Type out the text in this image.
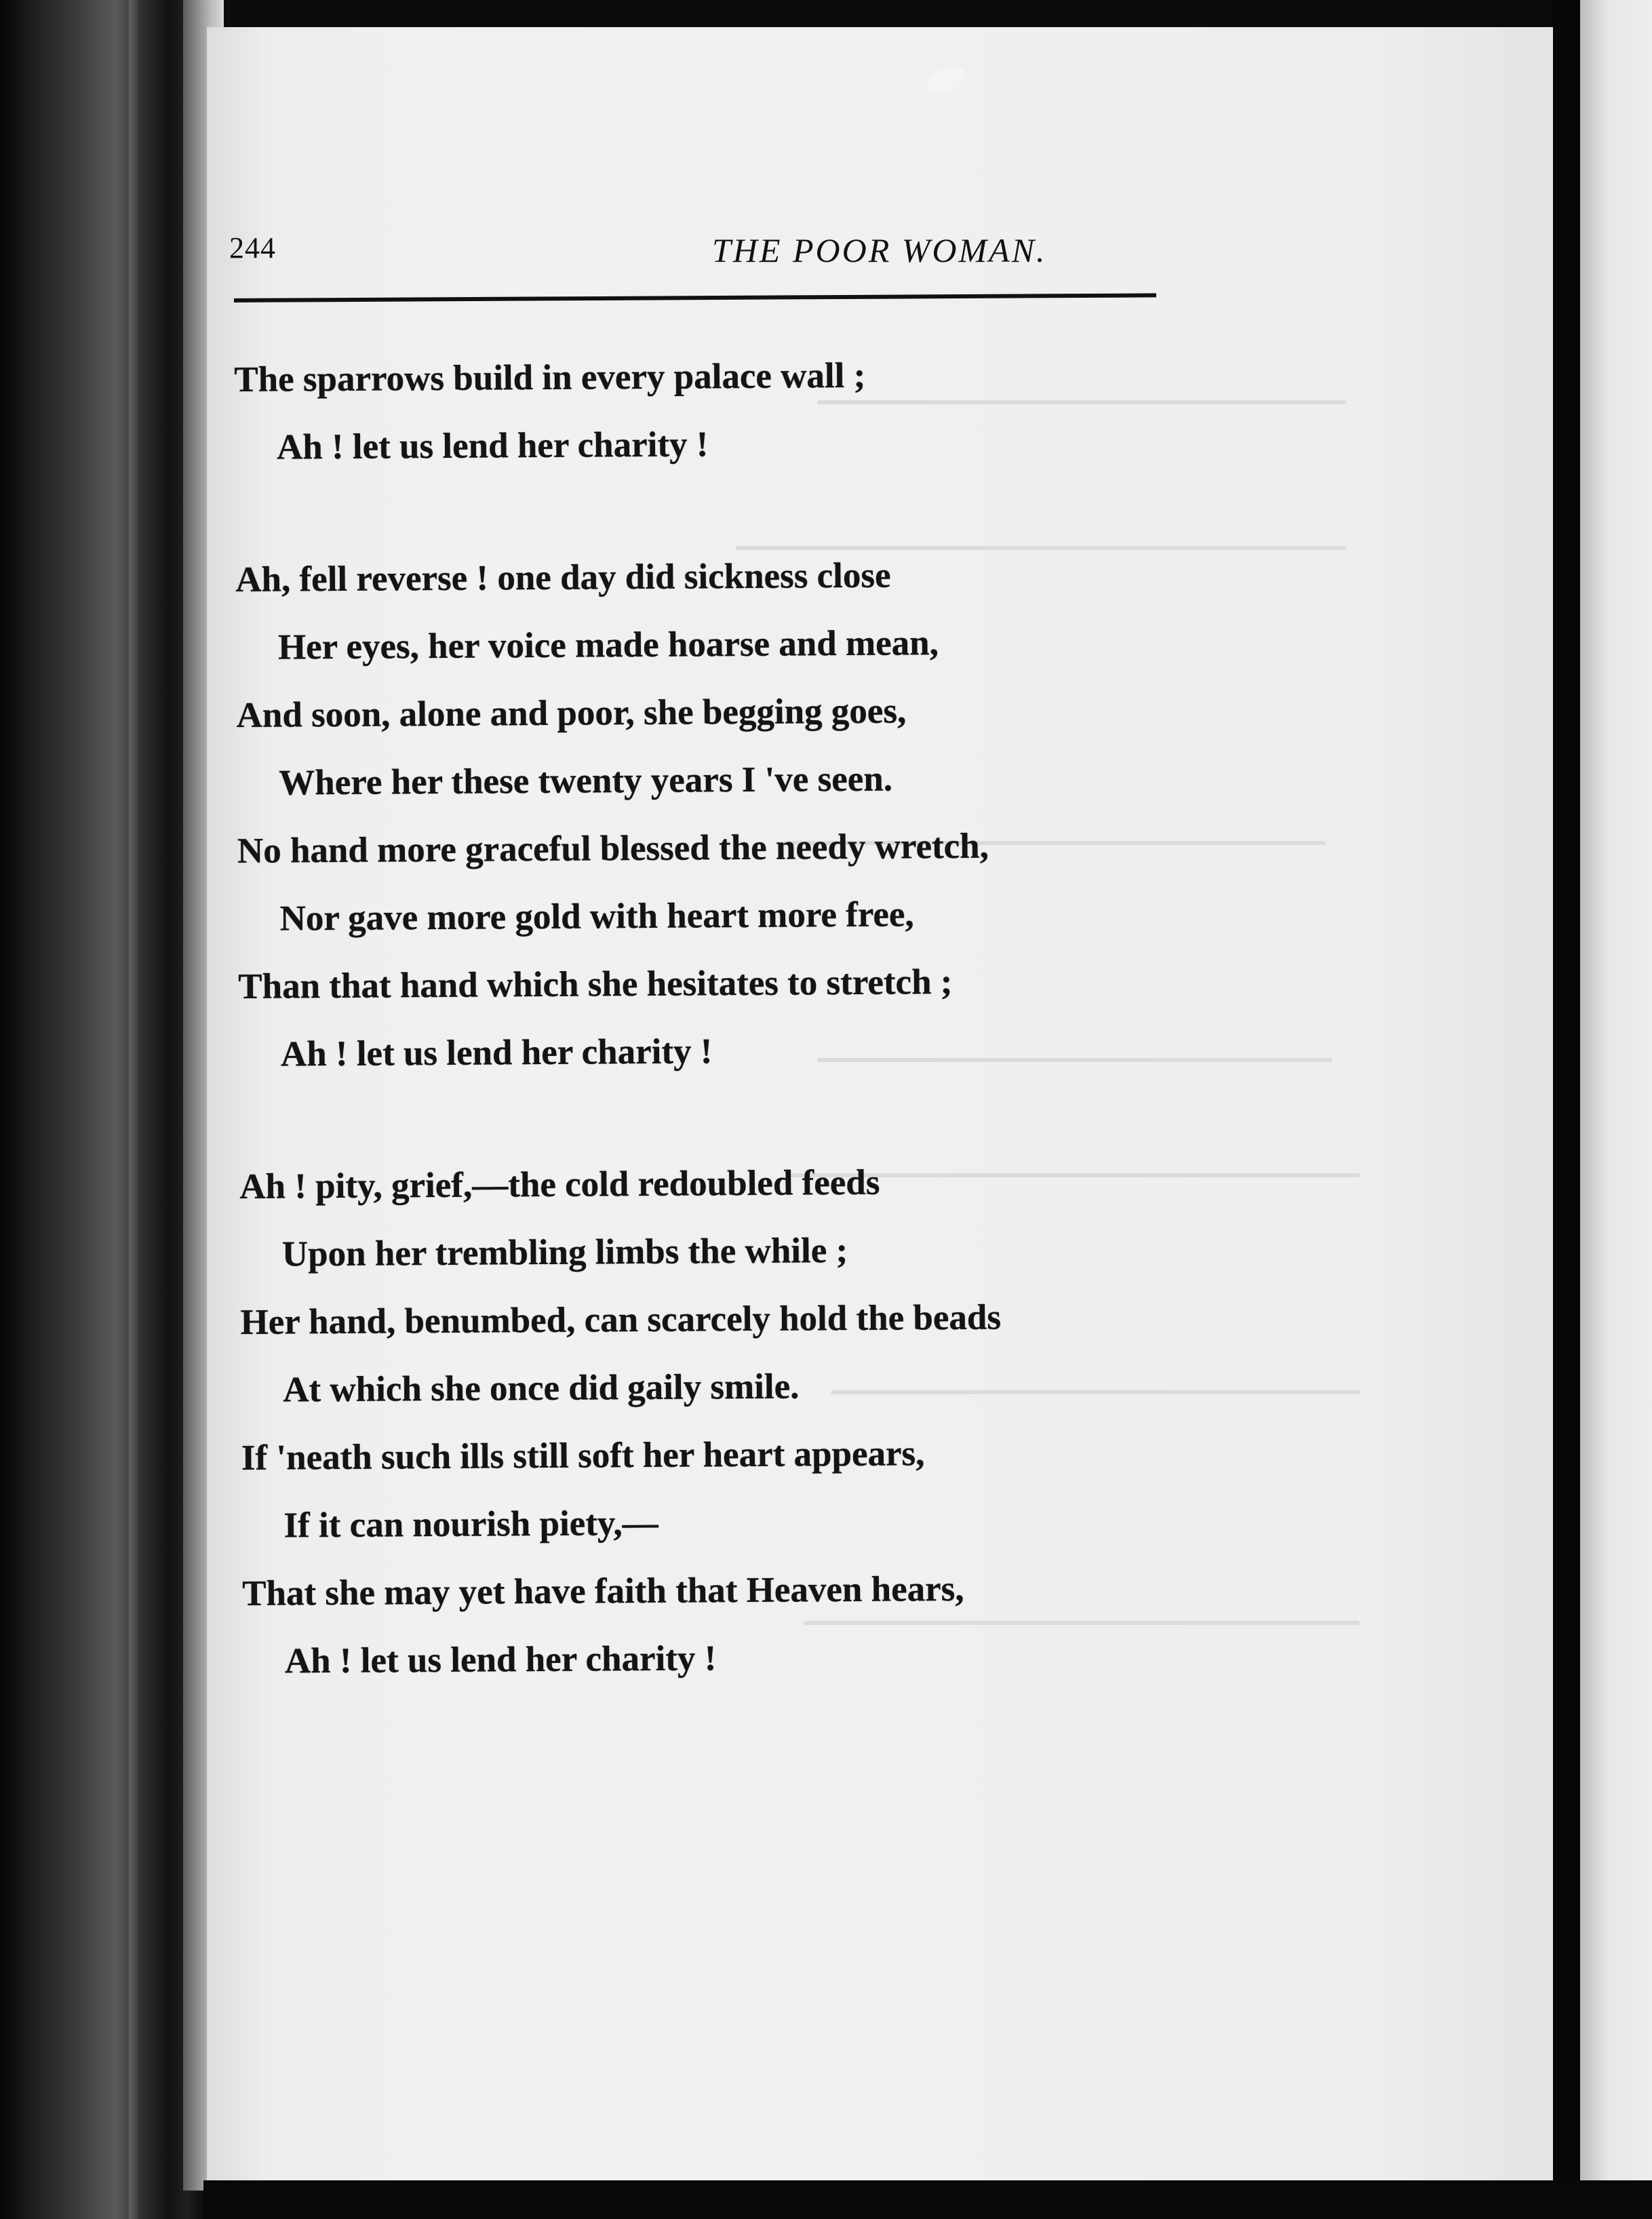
244	THE POOR WOMAN.
The sparrows build in every palace wall ;
Ah ! let us lend her charity !
Ah, fell reverse ! one day did sickness close
Her eyes, her voice made hoarse and mean,
And soon, alone and poor, she begging goes,
Where her these twenty years I 've seen.
No hand more graceful blessed the needy wretch,
Nor gave more gold with heart more free,
Than that hand which she hesitates to stretch ;
Ah ! let us lend her charity !
Ah ! pity, grief,—the cold redoubled feeds
Upon her trembling limbs the while ;
Her hand, benumbed, can scarcely hold the beads
At which she once did gaily smile.
If 'neath such ills still soft her heart appears,
If it can nourish piety,—
That she may yet have faith that Heaven hears,
Ah ! let us lend her charity !
